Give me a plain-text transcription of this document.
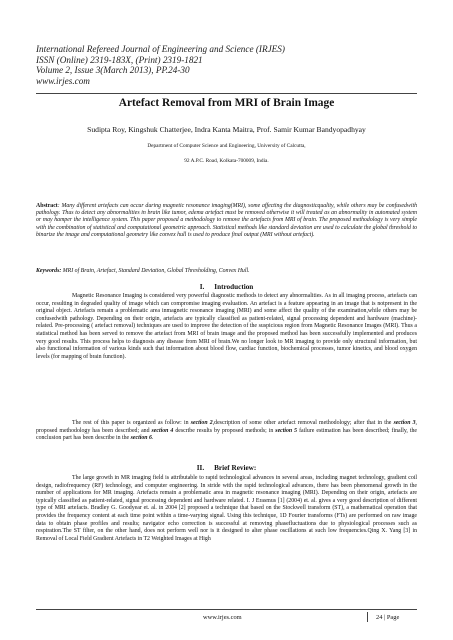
International Refereed Journal of Engineering and Science (IRJES)
ISSN (Online) 2319-183X, (Print) 2319-1821
Volume 2, Issue 3(March 2013), PP.24-30
www.irjes.com
Artefact Removal from MRI of Brain Image
Sudipta Roy, Kingshuk Chatterjee, Indra Kanta Maitra, Prof. Samir Kumar Bandyopadhyay
Department of Computer Science and Engineering, University of Calcutta,
92 A.P.C. Road, Kolkata-700009, India.
Abstract: Many different artefacts can occur during magnetic resonance imaging(MRI), some affecting the diagnosticquality, while others may be confusedwith pathology. Thus to detect any abnormalities in brain like tumor, edema artefact must be removed otherwise it will treated as an abnormality in automated system or may hamper the intelligence system. This paper proposed a methodology to remove the artefacts from MRI of brain. The proposed methodology is very simple with the combination of statistical and computational geometric approach. Statistical methods like standard deviation are used to calculate the global threshold to binarize the image and computational geometry like convex hull is used to produce final output (MRI without artefact).
Keywords: MRI of Brain, Artefact, Standard Deviation, Global Thresholding, Convex Hull.
I. Introduction
Magnetic Resonance Imaging is considered very powerful diagnostic methods to detect any abnormalities. As in all imaging process, artefacts can occur, resulting in degraded quality of image which can compromise imaging evaluation. An artefact is a feature appearing in an image that is notpresent in the original object. Artefacts remain a problematic area inmagnetic resonance imaging (MRI) and some affect the quality of the examination,while others may be confusedwith pathology. Depending on their origin, artefacts are typically classified as patient-related, signal processing dependent and hardware (machine)-related. Pre-processing ( artefact removal) techniques are used to improve the detection of the suspicious region from Magnetic Resonance Images (MRI). Thus a statistical method has been served to remove the artefact from MRI of brain image and the proposed method has been successfully implemented and produces very good results. This process helps to diagnosis any disease from MRI of brain.We no longer look to MR imaging to provide only structural information, but also functional information of various kinds such that information about blood flow, cardiac function, biochemical processes, tumor kinetics, and blood oxygen levels (for mapping of brain function).
The rest of this paper is organized as follow: in section 2,description of some other artefact removal methodology; after that in the section 3, proposed methodology has been described; and section 4 describe results by proposed methods; in section 5 failure estimation has been described; finally, the conclusion part has been describe in the section 6.
II. Brief Review:
The large growth in MR imaging field is attributable to rapid technological advances in several areas, including magnet technology, gradient coil design, radiofrequency (RF) technology, and computer engineering. In stride with the rapid technological advances, there has been phenomenal growth in the number of applications for MR imaging. Artefacts remain a problematic area in magnetic resonance imaging (MRI). Depending on their origin, artefacts are typically classified as patient-related, signal processing dependent and hardware related. I. J Erasmus [1] (2004) et. al. gives a very good description of different type of MRI artefacts. Bradley G. Goodyear et. al. in 2004 [2] proposed a technique that based on the Stockwell transform (ST), a mathematical operation that provides the frequency content at each time point within a time-varying signal. Using this technique, 1D Fourier transforms (FTs) are performed on raw image data to obtain phase profiles and results; navigator echo correction is successful at removing phasefluctuations due to physiological processes such as respiration.The ST filter, on the other hand, does not perform well nor is it designed to alter phase oscillations at such low frequencies.Qing X. Yang [3] in Removal of Local Field Gradient Artefacts in T2 Weighted Images at High
www.irjes.com	24 | Page
